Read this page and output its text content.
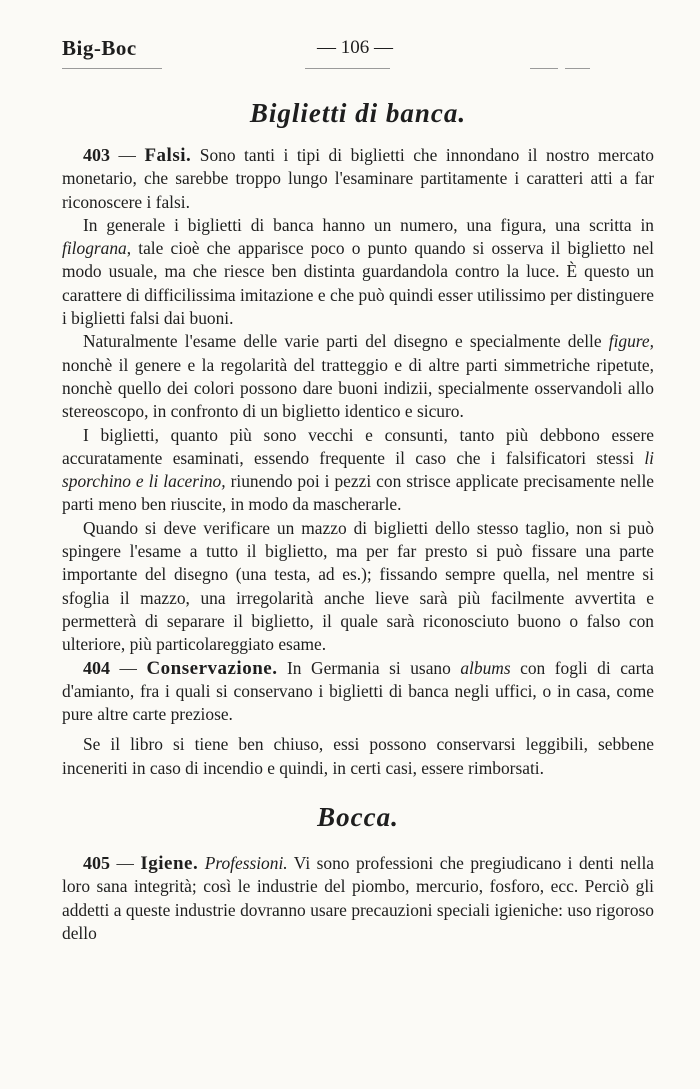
Big-Boc	— 106 —
Biglietti di banca.

403 — Falsi. Sono tanti i tipi di biglietti che innondano il nostro mercato monetario, che sarebbe troppo lungo l'esaminare partitamente i caratteri atti a far riconoscere i falsi.

In generale i biglietti di banca hanno un numero, una figura, una scritta in filograna, tale cioè che apparisce poco o punto quando si osserva il biglietto nel modo usuale, ma che riesce ben distinta guardandola contro la luce. È questo un carattere di difficilissima imitazione e che può quindi esser utilissimo per distinguere i biglietti falsi dai buoni.

Naturalmente l'esame delle varie parti del disegno e specialmente delle figure, nonchè il genere e la regolarità del tratteggio e di altre parti simmetriche ripetute, nonchè quello dei colori possono dare buoni indizii, specialmente osservandoli allo stereoscopo, in confronto di un biglietto identico e sicuro.

I biglietti, quanto più sono vecchi e consunti, tanto più debbono essere accuratamente esaminati, essendo frequente il caso che i falsificatori stessi li sporchino e li lacerino, riunendo poi i pezzi con strisce applicate precisamente nelle parti meno ben riuscite, in modo da mascherarle.

Quando si deve verificare un mazzo di biglietti dello stesso taglio, non si può spingere l'esame a tutto il biglietto, ma per far presto si può fissare una parte importante del disegno (una testa, ad es.); fissando sempre quella, nel mentre si sfoglia il mazzo, una irregolarità anche lieve sarà più facilmente avvertita e permetterà di separare il biglietto, il quale sarà riconosciuto buono o falso con ulteriore, più particolareggiato esame.

404 — Conservazione. In Germania si usano albums con fogli di carta d'amianto, fra i quali si conservano i biglietti di banca negli uffici, o in casa, come pure altre carte preziose.

Se il libro si tiene ben chiuso, essi possono conservarsi leggibili, sebbene inceneriti in caso di incendio e quindi, in certi casi, essere rimborsati.

Bocca.

405 — Igiene. Professioni. Vi sono professioni che pregiudicano i denti nella loro sana integrità; così le industrie del piombo, mercurio, fosforo, ecc. Perciò gli addetti a queste industrie dovranno usare precauzioni speciali igieniche: uso rigoroso dello
